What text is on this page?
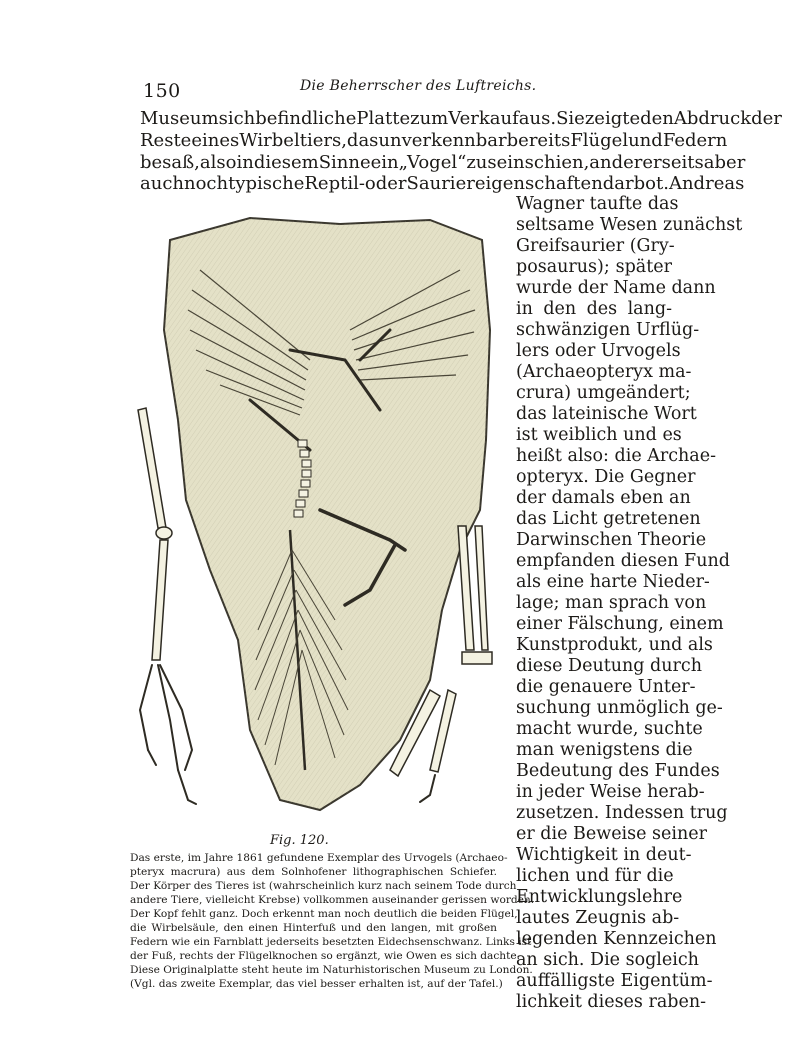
150	Die Beherrscher des Luftreichs.
Museum sich befindliche Platte zum Verkauf aus. Sie zeigt eden Abdruck der
Reste eines Wirbeltiers, das unverkennbar bereits Flügel und Federn
besaß, also in diesem Sinne ein „Vogel“ zu sein schien, andererseits aber
auch noch typische Reptil- oder Sauriereigenschaften darbot. Andreas
Wagner taufte das
seltsame Wesen zunächst
Greifsaurier (Gry-
posaurus); später
wurde der Name dann
in den des lang-
schwänzigen Urflüg-
lers oder Urvogels
(Archaeopteryx ma-
crura) umgeändert;
das lateinische Wort
ist weiblich und es
heißt also: die Archae-
opteryx. Die Gegner
der damals eben an
das Licht getretenen
Darwinschen Theorie
empfanden diesen Fund
als eine harte Nieder-
lage; man sprach von
einer Fälschung, einem
Kunstprodukt, und als
diese Deutung durch
die genauere Unter-
suchung unmöglich ge-
macht wurde, suchte
man wenigstens die
Bedeutung des Fundes
in jeder Weise herab-
zusetzen. Indessen trug
er die Beweise seiner
Wichtigkeit in deut-
lichen und für die
Entwicklungslehre
lautes Zeugnis ab-
legenden Kennzeichen
an sich. Die sogleich
auffälligste Eigentüm-
lichkeit dieses raben-
Fig. 120.
Das erste, im Jahre 1861 gefundene Exemplar des Urvogels (Archaeo-
pteryx macrura) aus dem Solnhofener lithographischen Schiefer.
Der Körper des Tieres ist (wahrscheinlich kurz nach seinem Tode durch
andere Tiere, vielleicht Krebse) vollkommen auseinander gerissen worden.
Der Kopf fehlt ganz. Doch erkennt man noch deutlich die beiden Flügel,
die Wirbelsäule, den einen Hinterfuß und den langen, mit großen
Federn wie ein Farnblatt jederseits besetzten Eidechsenschwanz. Links ist
der Fuß, rechts der Flügelknochen so ergänzt, wie Owen es sich dachte.
Diese Originalplatte steht heute im Naturhistorischen Museum zu London.
(Vgl. das zweite Exemplar, das viel besser erhalten ist, auf der Tafel.)
